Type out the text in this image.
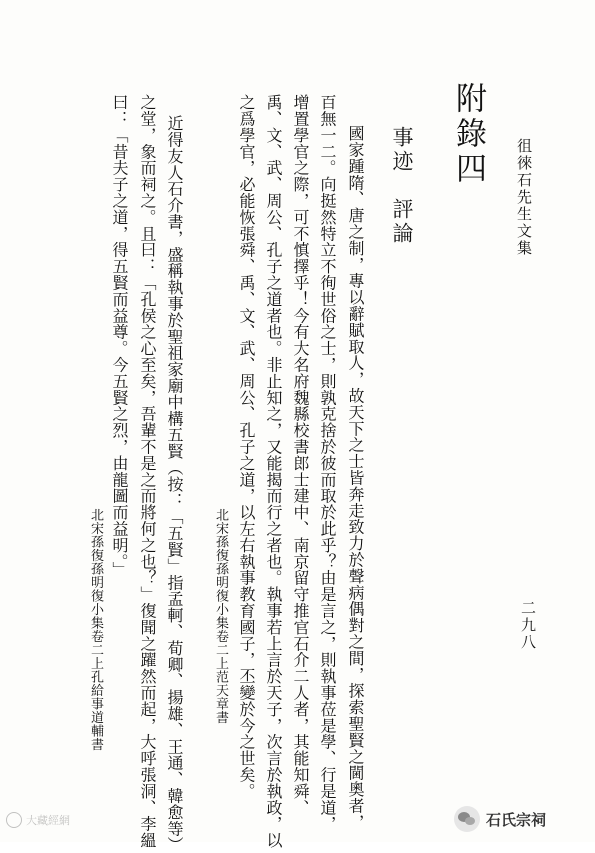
徂徠石先生文集
附錄四
事迹　評論
國家踵隋、唐之制，專以辭賦取人，故天下之士皆奔走致力於聲病偶對之間，探索聖賢之閫奧者，
百無一二。向挺然特立不徇世俗之士，則孰克捨於彼而取於此乎？由是言之，則執事莅是學、行是道，
增置學官之際，可不慎擇乎！今有大名府魏縣校書郎士建中、南京留守推官石介二人者，其能知舜、
禹、文、武、周公、孔子之道者也。非止知之，又能揭而行之者也。執事若上言於天子，次言於執政，以
之爲學官，必能恢張舜、禹、文、武、周公、孔子之道，以左右執事教育國子，丕變於今之世矣。
北宋孫復孫明復小集卷二上范天章書
近得友人石介書，盛稱執事於聖祖家廟中構五賢（按：「五賢」指孟軻、荀卿、揚雄、王通、韓愈等）
之堂，象而祠之。且曰：「孔侯之心至矣，吾輩不是之而將何之也？」復聞之躍然而起，大呼張洞、李縕
曰：「昔夫子之道，得五賢而益尊。今五賢之烈，由龍圖而益明。」
北宋孫復孫明復小集卷二上孔給事道輔書	二九八
大藏經網	石氏宗祠
